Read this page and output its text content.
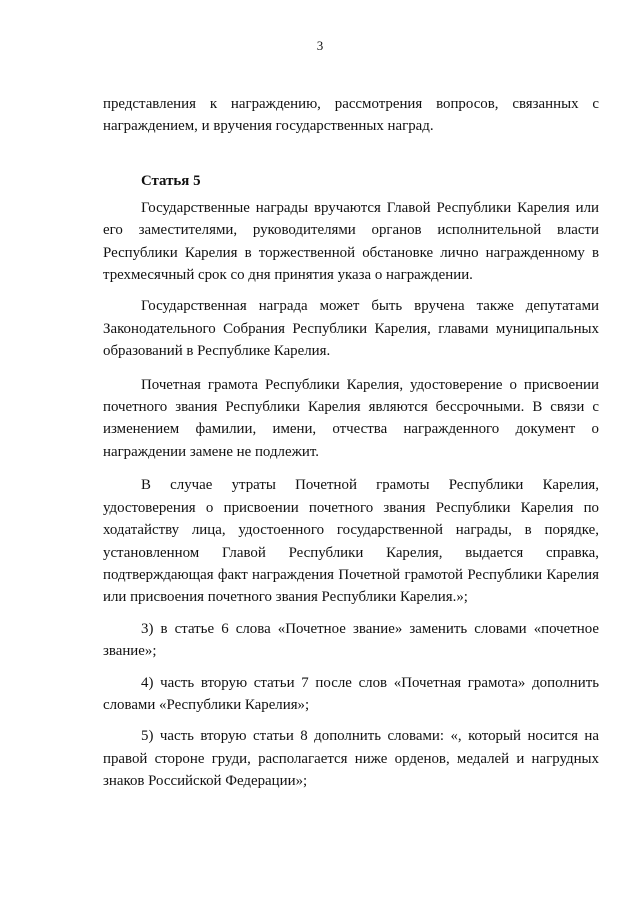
3

представления к награждению, рассмотрения вопросов, связанных с награждением, и вручения государственных наград.

Статья 5

Государственные награды вручаются Главой Республики Карелия или его заместителями, руководителями органов исполнительной власти Республики Карелия в торжественной обстановке лично награжденному в трехмесячный срок со дня принятия указа о награждении.

Государственная награда может быть вручена также депутатами Законодательного Собрания Республики Карелия, главами муниципальных образований в Республике Карелия.

Почетная грамота Республики Карелия, удостоверение о присвоении почетного звания Республики Карелия являются бессрочными. В связи с изменением фамилии, имени, отчества награжденного документ о награждении замене не подлежит.

В случае утраты Почетной грамоты Республики Карелия, удостоверения о присвоении почетного звания Республики Карелия по ходатайству лица, удостоенного государственной награды, в порядке, установленном Главой Республики Карелия, выдается справка, подтверждающая факт награждения Почетной грамотой Республики Карелия или присвоения почетного звания Республики Карелия.»;

3) в статье 6 слова «Почетное звание» заменить словами «почетное звание»;

4) часть вторую статьи 7 после слов «Почетная грамота» дополнить словами «Республики Карелия»;

5) часть вторую статьи 8 дополнить словами: «, который носится на правой стороне груди, располагается ниже орденов, медалей и нагрудных знаков Российской Федерации»;
